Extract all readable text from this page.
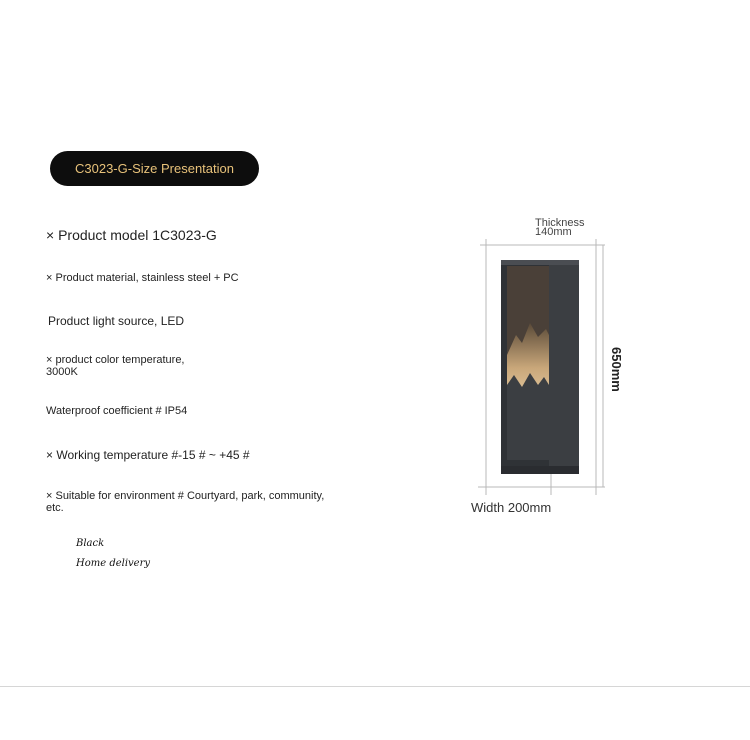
C3023-G-Size Presentation
× Product model 1C3023-G
× Product material, stainless steel + PC
Product light source, LED
× product color temperature,
3000K
Waterproof coefficient # IP54
× Working temperature #-15 # ~ +45 #
× Suitable for environment # Courtyard, park, community,
etc.
Black
Home delivery
Thickness
140mm
650mm
Width 200mm
